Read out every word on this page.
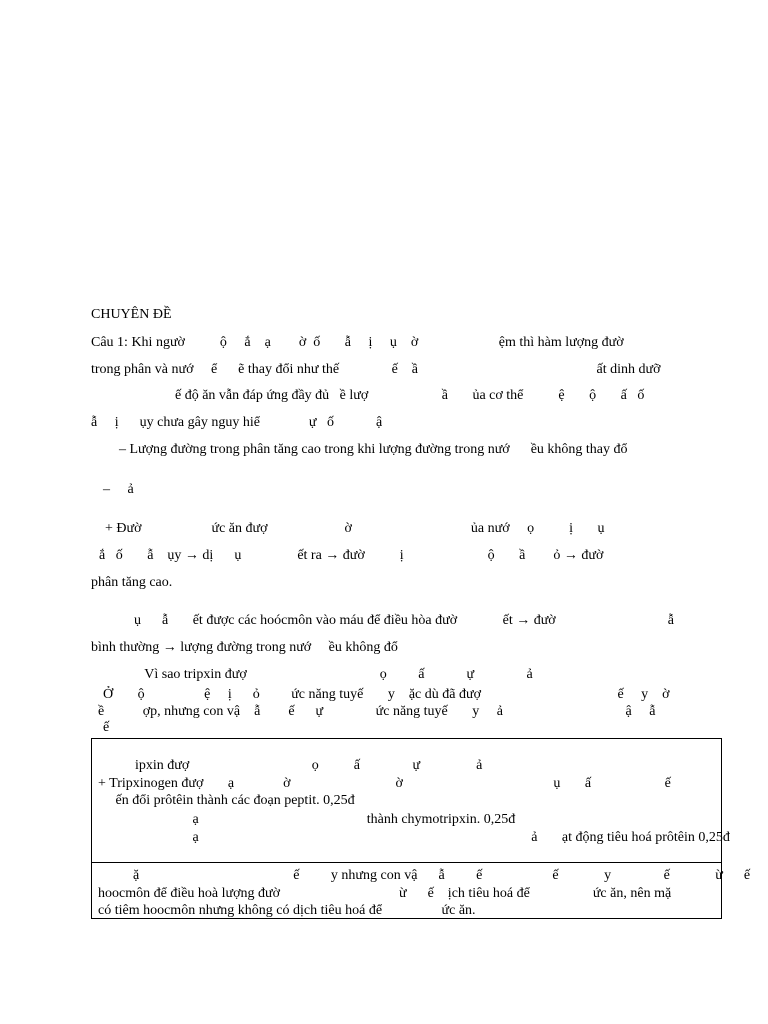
CHUYÊN ĐỀ
Câu 1: Khi ngườ          ộ     ắ    ạ        ờ  ố       ẫ     ị     ụ    ờ                       ệm thì hàm lượng đườ
trong phân và nướ     ể      ẽ thay đổi như thế               ế    ầ                                                   ất dinh dưỡ
ế độ ăn vẫn đáp ứng đầy đủ   ề lượ                     ầ       ủa cơ thể          ệ       ộ       ấ   ố
ẫ     ị      ụy chưa gây nguy hiể              ự   ố            ậ
– Lượng đường trong phân tăng cao trong khi lượng đường trong nướ      ều không thay đổ
–     ả
+ Đườ                    ức ăn đượ                      ờ                                  ủa nướ     ọ          ị       ụ
ắ   ố       ẫ    ụy → dị      ụ                ết ra → đườ          ị                        ộ       ầ        ỏ → đườ
phân tăng cao.
ụ      ẫ       ết được các hoócmôn vào máu để điều hòa đườ             ết → đườ                                ẫ
bình thường → lượng đường trong nướ     ều không đổ
Vì sao tripxin đượ                                      ọ         ấ            ự               ả
Ở       ộ                 ệ     ị      ỏ         ức năng tuyế       y    ặc dù đã đượ                                       ế     y    ờ
ề           ợp, nhưng con vậ    ẫ        ế      ự               ức năng tuyế       y     ả                                   ậ     ẫ
ế
ipxin đượ                                   ọ          ấ               ự                ả
+ Tripxinogen đượ       ạ              ờ                              ờ                                           ụ       ấ                     ế
ến đổi prôtêin thành các đoạn peptit. 0,25đ
ạ                                                thành chymotripxin. 0,25đ
ạ                                                                                               ả       ạt động tiêu hoá prôtêin 0,25đ
ặ                                            ế         y nhưng con vậ      ẫ         ế                    ế             y               ế             ừ      ế
hoocmôn để điều hoà lượng đườ                                  ừ      ế    ịch tiêu hoá để                  ức ăn, nên mặ
có tiêm hoocmôn nhưng không có dịch tiêu hoá để                 ức ăn.
